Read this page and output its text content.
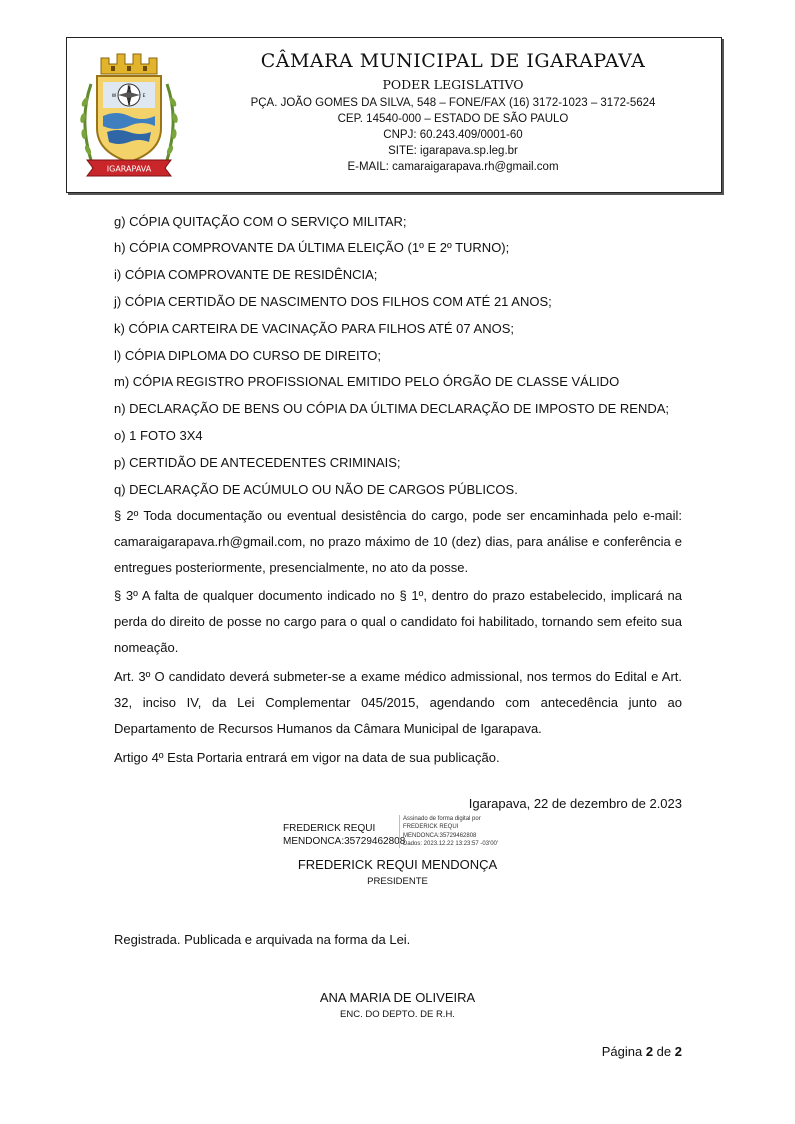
N
S
W	E
IGARAPAVA
CÂMARA MUNICIPAL DE IGARAPAVA
PODER LEGISLATIVO
PÇA. JOÃO GOMES DA SILVA, 548 – FONE/FAX (16) 3172-1023 – 3172-5624
CEP. 14540-000 – ESTADO DE SÃO PAULO
CNPJ: 60.243.409/0001-60
SITE: igarapava.sp.leg.br
E-MAIL: camaraigarapava.rh@gmail.com
g) CÓPIA QUITAÇÃO COM O SERVIÇO MILITAR;
h) CÓPIA COMPROVANTE DA ÚLTIMA ELEIÇÃO (1º E 2º TURNO);
i) CÓPIA COMPROVANTE DE RESIDÊNCIA;
j) CÓPIA CERTIDÃO DE NASCIMENTO DOS FILHOS COM ATÉ 21 ANOS;
k) CÓPIA CARTEIRA DE VACINAÇÃO PARA FILHOS ATÉ 07 ANOS;
l) CÓPIA DIPLOMA DO CURSO DE DIREITO;
m) CÓPIA REGISTRO PROFISSIONAL EMITIDO PELO ÓRGÃO DE CLASSE VÁLIDO
n) DECLARAÇÃO DE BENS OU CÓPIA DA ÚLTIMA DECLARAÇÃO DE IMPOSTO DE RENDA;
o) 1 FOTO 3X4
p) CERTIDÃO DE ANTECEDENTES CRIMINAIS;
q) DECLARAÇÃO DE ACÚMULO OU NÃO DE CARGOS PÚBLICOS.
§ 2º Toda documentação ou eventual desistência do cargo, pode ser encaminhada pelo e-mail: camaraigarapava.rh@gmail.com, no prazo máximo de 10 (dez) dias, para análise e conferência e entregues posteriormente, presencialmente, no ato da posse.
§ 3º A falta de qualquer documento indicado no § 1º, dentro do prazo estabelecido, implicará na perda do direito de posse no cargo para o qual o candidato foi habilitado, tornando sem efeito sua nomeação.
Art. 3º O candidato deverá submeter-se a exame médico admissional, nos termos do Edital e Art. 32, inciso IV, da Lei Complementar 045/2015, agendando com antecedência junto ao Departamento de Recursos Humanos da Câmara Municipal de Igarapava.
Artigo 4º Esta Portaria entrará em vigor na data de sua publicação.
Igarapava, 22 de dezembro de 2.023
FREDERICK REQUI
MENDONCA:35729462808
Assinado de forma digital por
FREDERICK REQUI
MENDONCA:35729462808
Dados: 2023.12.22 13:23:57 -03'00'
FREDERICK REQUI MENDONÇA
PRESIDENTE
Registrada. Publicada e arquivada na forma da Lei.
ANA MARIA DE OLIVEIRA
ENC. DO DEPTO. DE R.H.
Página 2 de 2
